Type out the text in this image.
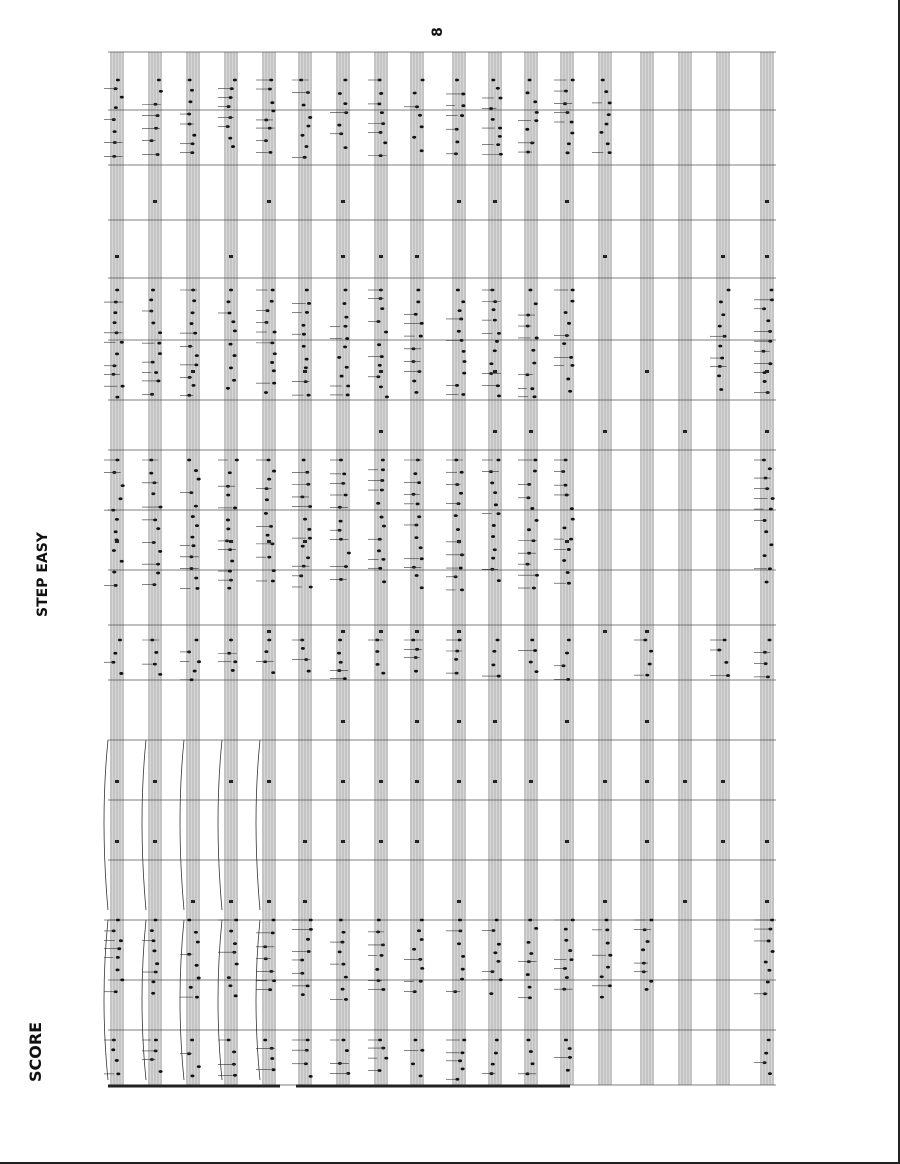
SCORE
STEP EASY
8
